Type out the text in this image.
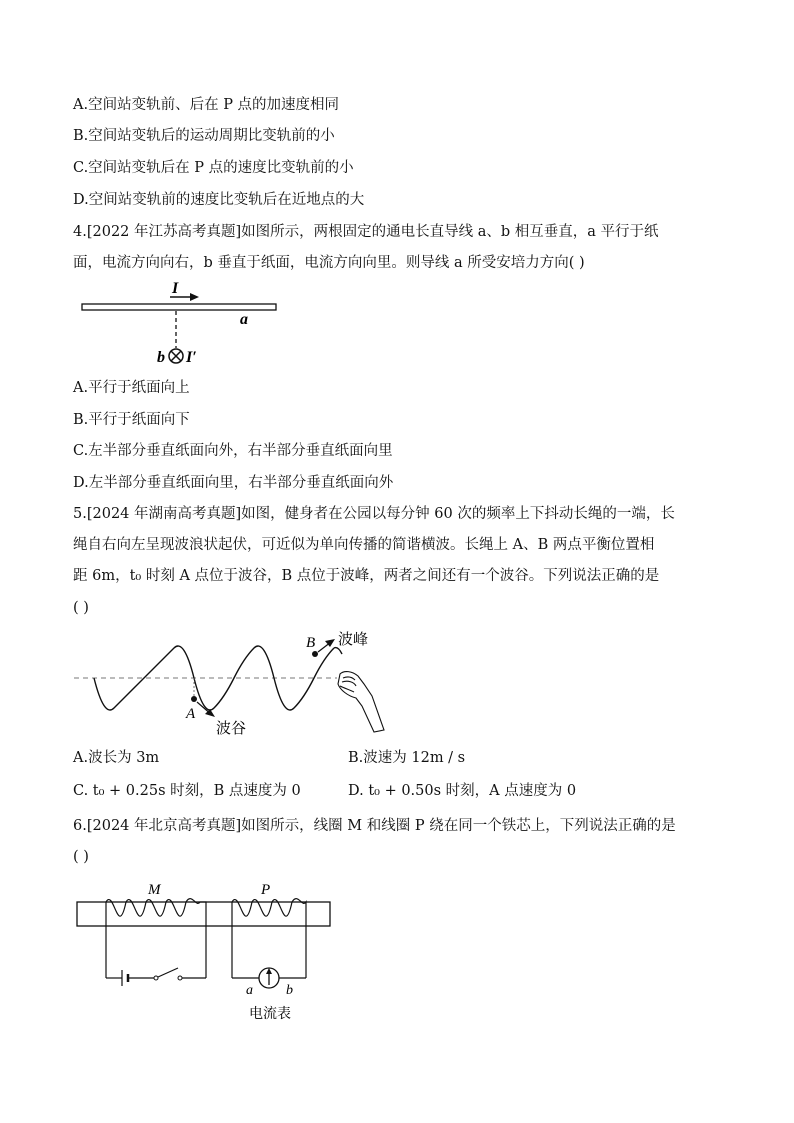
A.空间站变轨前、后在 P 点的加速度相同
B.空间站变轨后的运动周期比变轨前的小
C.空间站变轨后在 P 点的速度比变轨前的小
D.空间站变轨前的速度比变轨后在近地点的大
4.[2022 年江苏高考真题]如图所示，两根固定的通电长直导线 a、b 相互垂直，a 平行于纸
面，电流方向向右，b 垂直于纸面，电流方向向里。则导线 a 所受安培力方向( )
I
a
b I′
A.平行于纸面向上
B.平行于纸面向下
C.左半部分垂直纸面向外，右半部分垂直纸面向里
D.左半部分垂直纸面向里，右半部分垂直纸面向外
5.[2024 年湖南高考真题]如图，健身者在公园以每分钟 60 次的频率上下抖动长绳的一端，长
绳自右向左呈现波浪状起伏，可近似为单向传播的简谐横波。长绳上 A、B 两点平衡位置相
距 6m，t₀ 时刻 A 点位于波谷，B 点位于波峰，两者之间还有一个波谷。下列说法正确的是
( )
A
波谷
B 波峰
A.波长为 3m	B.波速为 12m / s
C. t₀ + 0.25s 时刻，B 点速度为 0	D. t₀ + 0.50s 时刻，A 点速度为 0
6.[2024 年北京高考真题]如图所示，线圈 M 和线圈 P 绕在同一个铁芯上，下列说法正确的是
( )
M	P
a b
电流表
